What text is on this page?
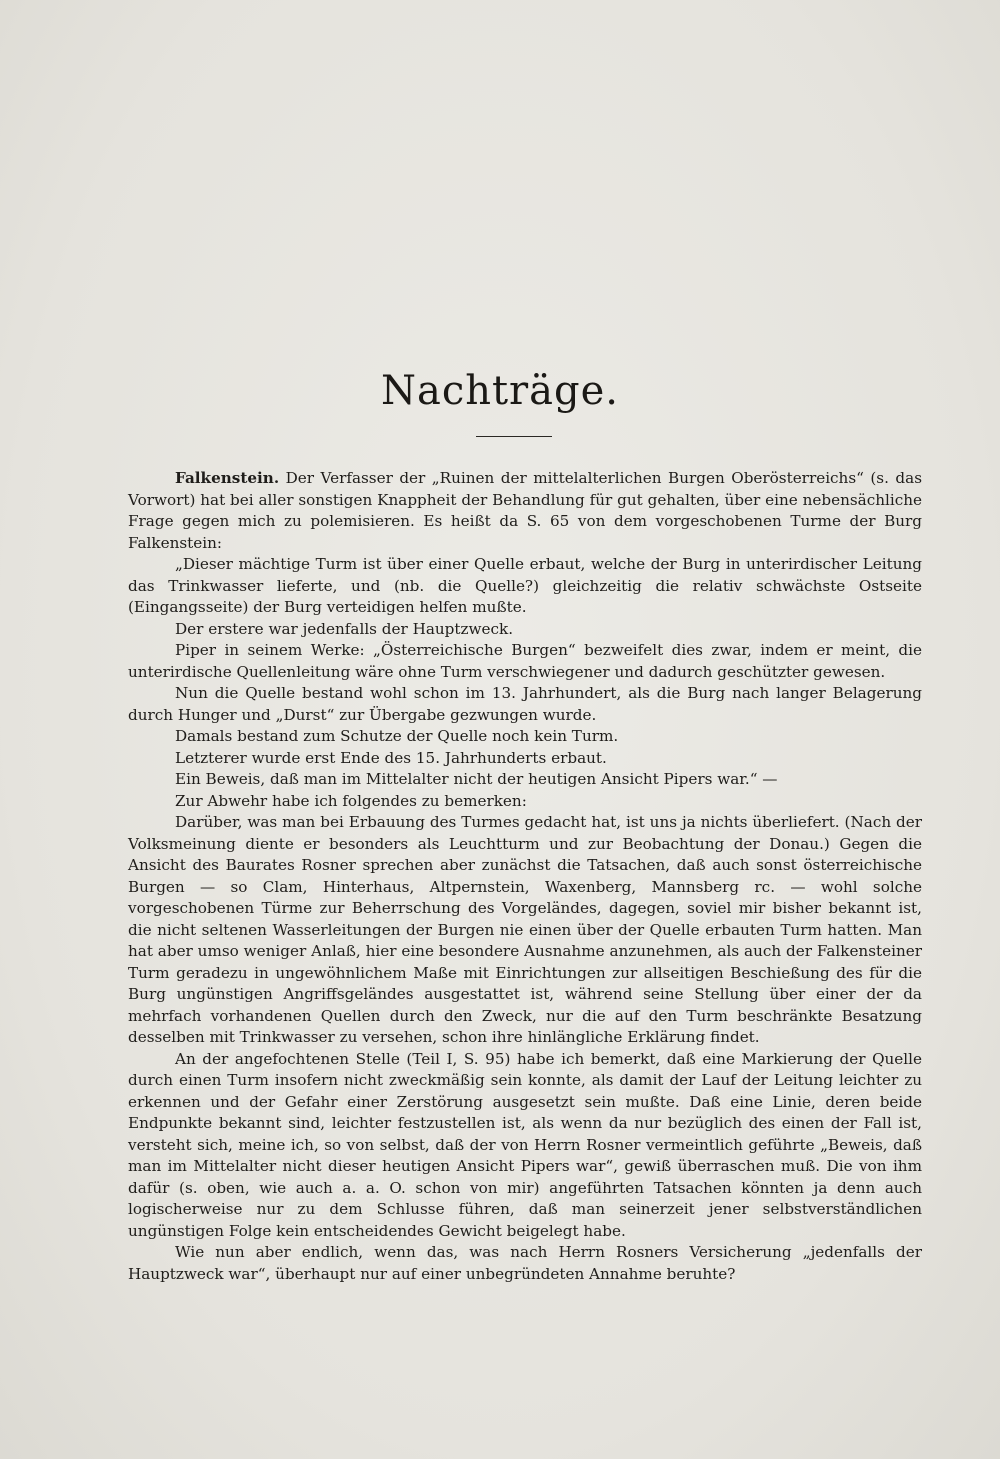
Nachträge.

Falkenstein. Der Verfasser der „Ruinen der mittelalterlichen Burgen Oberösterreichs“ (s. das Vorwort) hat bei aller sonstigen Knappheit der Behandlung für gut gehalten, über eine nebensächliche Frage gegen mich zu polemisieren. Es heißt da S. 65 von dem vorgeschobenen Turme der Burg Falkenstein:

„Dieser mächtige Turm ist über einer Quelle erbaut, welche der Burg in unterirdischer Leitung das Trinkwasser lieferte, und (nb. die Quelle?) gleichzeitig die relativ schwächste Ostseite (Eingangsseite) der Burg verteidigen helfen mußte.

Der erstere war jedenfalls der Hauptzweck.

Piper in seinem Werke: „Österreichische Burgen“ bezweifelt dies zwar, indem er meint, die unterirdische Quellenleitung wäre ohne Turm verschwiegener und dadurch geschützter gewesen.

Nun die Quelle bestand wohl schon im 13. Jahrhundert, als die Burg nach langer Belagerung durch Hunger und „Durst“ zur Übergabe gezwungen wurde.

Damals bestand zum Schutze der Quelle noch kein Turm.

Letzterer wurde erst Ende des 15. Jahrhunderts erbaut.

Ein Beweis, daß man im Mittelalter nicht der heutigen Ansicht Pipers war.“ —

Zur Abwehr habe ich folgendes zu bemerken:

Darüber, was man bei Erbauung des Turmes gedacht hat, ist uns ja nichts überliefert. (Nach der Volksmeinung diente er besonders als Leuchtturm und zur Beobachtung der Donau.) Gegen die Ansicht des Baurates Rosner sprechen aber zunächst die Tatsachen, daß auch sonst österreichische Burgen — so Clam, Hinterhaus, Altpernstein, Waxenberg, Mannsberg rc. — wohl solche vorgeschobenen Türme zur Beherrschung des Vorgeländes, dagegen, soviel mir bisher bekannt ist, die nicht seltenen Wasserleitungen der Burgen nie einen über der Quelle erbauten Turm hatten. Man hat aber umso weniger Anlaß, hier eine besondere Ausnahme anzunehmen, als auch der Falkensteiner Turm geradezu in ungewöhnlichem Maße mit Einrichtungen zur allseitigen Beschießung des für die Burg ungünstigen Angriffsgeländes ausgestattet ist, während seine Stellung über einer der da mehrfach vorhandenen Quellen durch den Zweck, nur die auf den Turm beschränkte Besatzung desselben mit Trinkwasser zu versehen, schon ihre hinlängliche Erklärung findet.

An der angefochtenen Stelle (Teil I, S. 95) habe ich bemerkt, daß eine Markierung der Quelle durch einen Turm insofern nicht zweckmäßig sein konnte, als damit der Lauf der Leitung leichter zu erkennen und der Gefahr einer Zerstörung ausgesetzt sein mußte. Daß eine Linie, deren beide Endpunkte bekannt sind, leichter festzustellen ist, als wenn da nur bezüglich des einen der Fall ist, versteht sich, meine ich, so von selbst, daß der von Herrn Rosner vermeintlich geführte „Beweis, daß man im Mittelalter nicht dieser heutigen Ansicht Pipers war“, gewiß überraschen muß. Die von ihm dafür (s. oben, wie auch a. a. O. schon von mir) angeführten Tatsachen könnten ja denn auch logischerweise nur zu dem Schlusse führen, daß man seinerzeit jener selbstverständlichen ungünstigen Folge kein entscheidendes Gewicht beigelegt habe.

Wie nun aber endlich, wenn das, was nach Herrn Rosners Versicherung „jedenfalls der Hauptzweck war“, überhaupt nur auf einer unbegründeten Annahme beruhte?
